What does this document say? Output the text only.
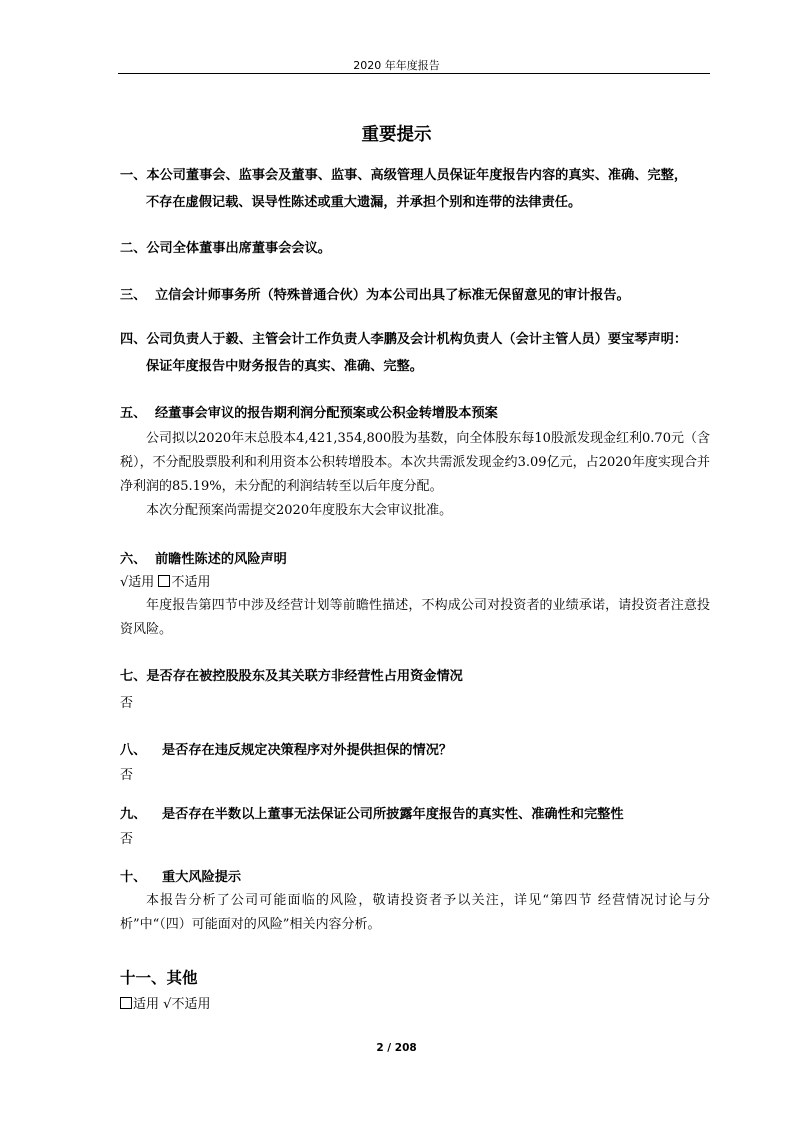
2020 年年度报告
重要提示
一、本公司董事会、监事会及董事、监事、高级管理人员保证年度报告内容的真实、准确、完整，
不存在虚假记载、误导性陈述或重大遗漏，并承担个别和连带的法律责任。
二、公司全体董事出席董事会会议。
三、 立信会计师事务所（特殊普通合伙）为本公司出具了标准无保留意见的审计报告。
四、公司负责人于毅、主管会计工作负责人李鹏及会计机构负责人（会计主管人员）要宝琴声明：
保证年度报告中财务报告的真实、准确、完整。
五、 经董事会审议的报告期利润分配预案或公积金转增股本预案
公司拟以2020年末总股本4,421,354,800股为基数，向全体股东每10股派发现金红利0.70元（含税），不分配股票股利和利用资本公积转增股本。本次共需派发现金约3.09亿元，占2020年度实现合并净利润的85.19%，未分配的利润结转至以后年度分配。
本次分配预案尚需提交2020年度股东大会审议批准。
六、 前瞻性陈述的风险声明
√适用 不适用
年度报告第四节中涉及经营计划等前瞻性描述，不构成公司对投资者的业绩承诺，请投资者注意投资风险。
七、是否存在被控股股东及其关联方非经营性占用资金情况
否
八、 是否存在违反规定决策程序对外提供担保的情况？
否
九、 是否存在半数以上董事无法保证公司所披露年度报告的真实性、准确性和完整性
否
十、 重大风险提示
本报告分析了公司可能面临的风险，敬请投资者予以关注，详见“第四节 经营情况讨论与分析”中“（四）可能面对的风险”相关内容分析。
十一、其他
适用 √不适用
2 / 208
